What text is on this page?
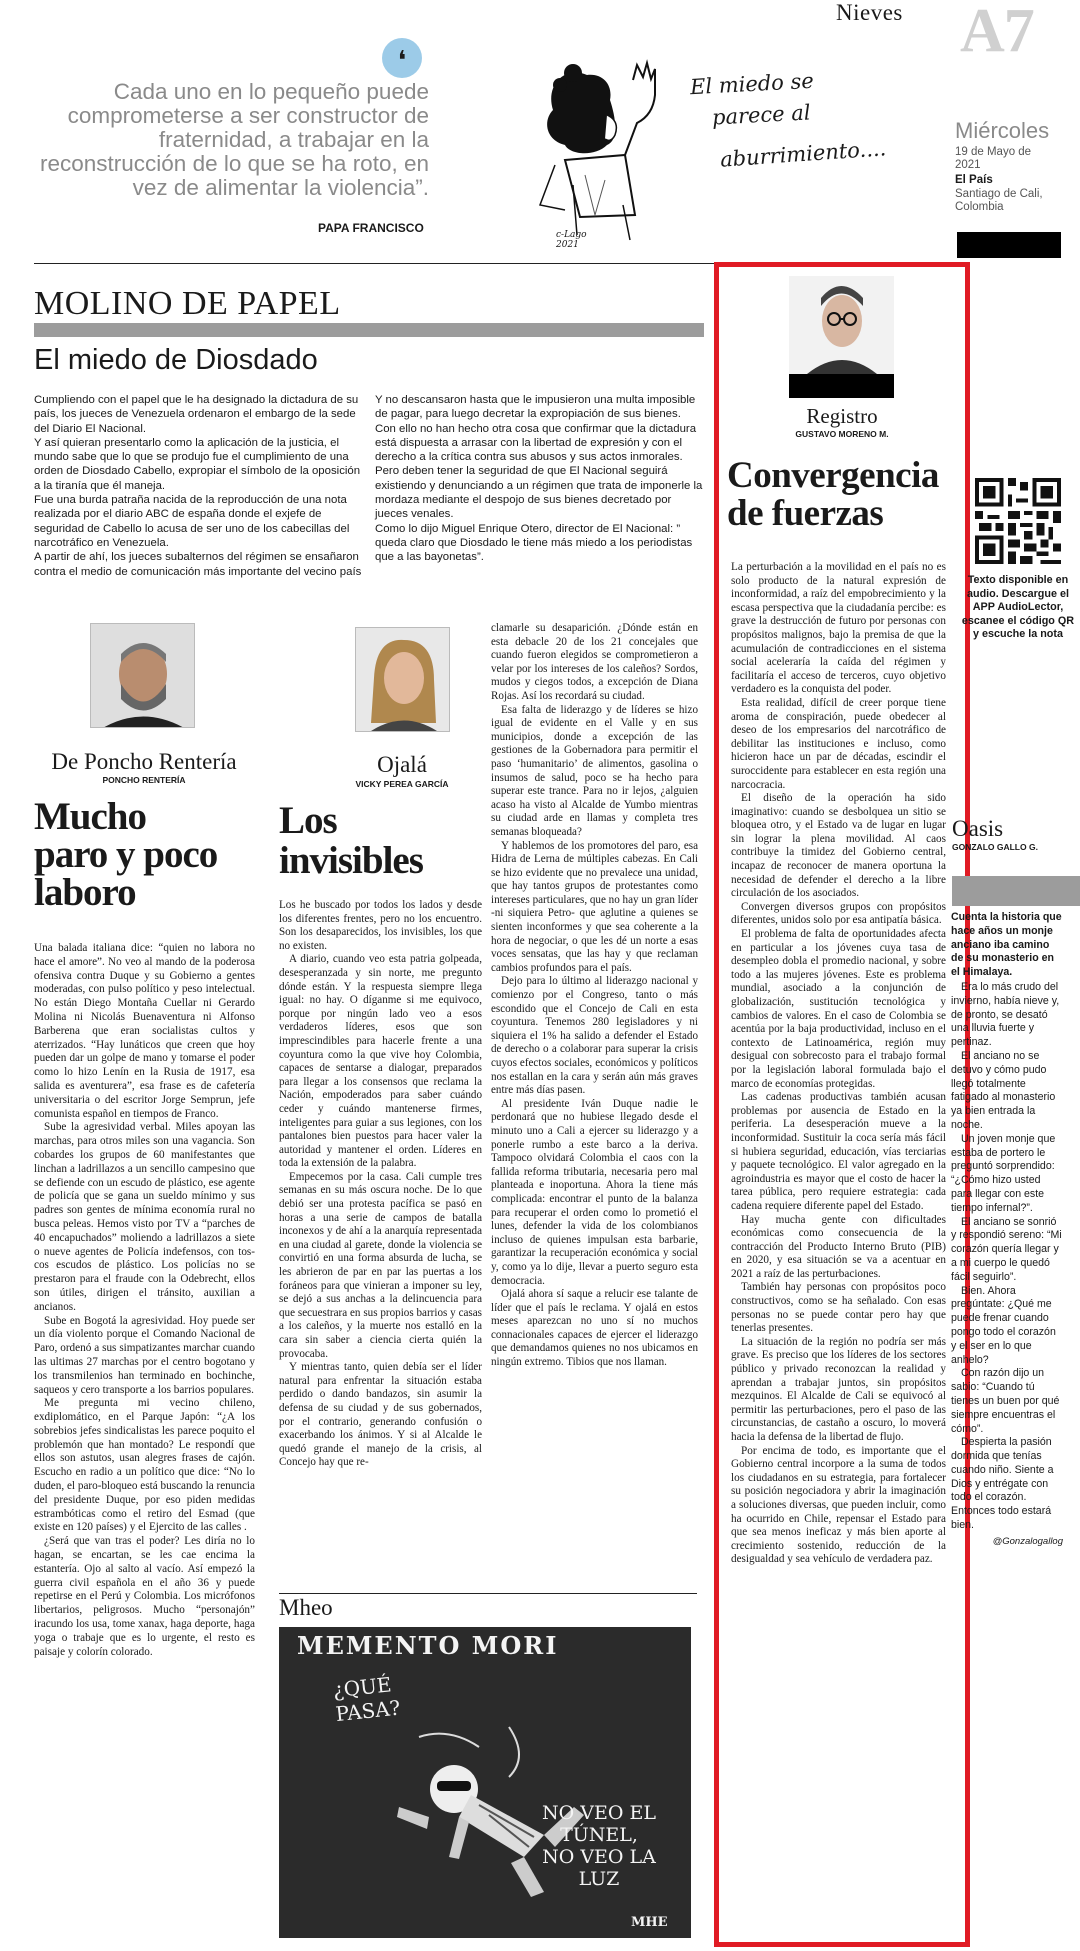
Nieves A7
Miércoles
19 de Mayo de 2021
El País
Santiago de Cali, Colombia
❛
Cada uno en lo pequeño puede comprometerse a ser constructor de fraternidad, a trabajar en la reconstrucción de lo que se ha roto, en vez de alimentar la violencia”.
PAPA FRANCISCO
El miedo se
parece al
aburrimiento....
c-Lago 2021
MOLINO DE PAPEL
El miedo de Diosdado

Cumpliendo con el papel que le ha designado la dictadura de su país, los jueces de Venezuela ordenaron el embargo de la sede del Diario El Nacional.

Y así quieran presentarlo como la aplicación de la justicia, el mundo sabe que lo que se produjo fue el cumplimiento de una orden de Diosdado Cabello, expropiar el símbolo de la oposición a la tiranía que él maneja.

Fue una burda patraña nacida de la reproducción de una nota realizada por el diario ABC de españa donde el exjefe de seguridad de Cabello lo acusa de ser uno de los cabecillas del narcotráfico en Venezuela.

A partir de ahí, los jueces subalternos del régimen se ensañaron contra el medio de comunicación más importante del vecino país

Y no descansaron hasta que le impusieron una multa imposible de pagar, para luego decretar la expropiación de sus bienes.

Con ello no han hecho otra cosa que confirmar que la dictadura está dispuesta a arrasar con la libertad de expresión y con el derecho a la crítica contra sus abusos y sus actos inmorales.

Pero deben tener la seguridad de que El Nacional seguirá existiendo y denunciando a un régimen que trata de imponerle la mordaza mediante el despojo de sus bienes decretado por jueces venales.

Como lo dijo Miguel Enrique Otero, director de El Nacional: ” queda claro que Diosdado le tiene más miedo a los periodistas que a las bayonetas”.

De Poncho Rentería
PONCHO RENTERÍA
Mucho
paro y poco
laboro

Una balada italiana dice: “quien no labora no hace el amore”. No veo al mando de la poderosa ofensiva contra Duque y su Gobierno a gentes moderadas, con pulso político y peso intelectual. No están Diego Montaña Cuellar ni Gerardo Molina ni Nicolás Buenaventura ni Alfonso Barberena que eran socialistas cultos y aterrizados. “Hay lunáticos que creen que hoy pueden dar un golpe de mano y tomarse el poder como lo hizo Lenín en la Rusia de 1917, esa salida es aventurera”, esa frase es de cafetería universitaria o del escritor Jorge Semprun, jefe comunista español en tiempos de Franco.

Sube la agresividad verbal. Miles apoyan las marchas, para otros miles son una vagancia. Son cobardes los grupos de 60 manifestantes que linchan a ladrillazos a un sencillo campesino que se defiende con un escudo de plástico, ese agente de policía que se gana un sueldo mínimo y sus padres son gentes de mínima economía rural no busca peleas. Hemos visto por TV a “parches de 40 encapuchados” moliendo a ladrillazos a siete o nueve agentes de Policía indefensos, con tos-cos escudos de plástico. Los policías no se prestaron para el fraude con la Odebrecht, ellos son útiles, dirigen el tránsito, auxilian a ancianos.

Sube en Bogotá la agresividad. Hoy puede ser un día violento porque el Comando Nacional de Paro, ordenó a sus simpatizantes marchar cuando las ultimas 27 marchas por el centro bogotano y los transmilenios han terminado en bochinche, saqueos y cero transporte a los barrios populares.

Me pregunta mi vecino chileno, exdiplomático, en el Parque Japón: “¿A los sobrebios jefes sindicalistas les parece poquito el problemón que han montado? Le respondí que ellos son astutos, usan alegres frases de cajón. Escucho en radio a un político que dice: “No lo duden, el paro-bloqueo está buscando la renuncia del presidente Duque, por eso piden medidas estrambóticas como el retiro del Esmad (que existe en 120 países) y el Ejercito de las calles .

¿Será que van tras el poder? Les diría no lo hagan, se encartan, se les cae encima la estantería. Ojo al salto al vacío. Así empezó la guerra civil española en el año 36 y puede repetirse en el Perú y Colombia. Los micrófonos libertarios, peligrosos. Mucho “personajón” iracundo los usa, tome xanax, haga deporte, haga yoga o trabaje que es lo urgente, el resto es paisaje y colorín colorado.

Ojalá
VICKY PEREA GARCÍA
Los
invisibles

Los he buscado por todos los lados y desde los diferentes frentes, pero no los encuentro. Son los desaparecidos, los invisibles, los que no existen.

A diario, cuando veo esta patria golpeada, desesperanzada y sin norte, me pregunto dónde están. Y la respuesta siempre llega igual: no hay. O díganme si me equivoco, porque por ningún lado veo a esos verdaderos líderes, esos que son imprescindibles para hacerle frente a una coyuntura como la que vive hoy Colombia, capaces de sentarse a dialogar, preparados para llegar a los consensos que reclama la Nación, empoderados para saber cuándo ceder y cuándo mantenerse firmes, inteligentes para guiar a sus legiones, con los pantalones bien puestos para hacer valer la autoridad y mantener el orden. Líderes en toda la extensión de la palabra.

Empecemos por la casa. Cali cumple tres semanas en su más oscura noche. De lo que debió ser una protesta pacífica se pasó en horas a una serie de campos de batalla inconexos y de ahí a la anarquía representada en una ciudad al garete, donde la violencia se convirtió en una forma absurda de lucha, se les abrieron de par en par las puertas a los foráneos para que vinieran a imponer su ley, se dejó a sus anchas a la delincuencia para que secuestrara en sus propios barrios y casas a los caleños, y la muerte nos estalló en la cara sin saber a ciencia cierta quién la provocaba.

Y mientras tanto, quien debía ser el líder natural para enfrentar la situación estaba perdido o dando bandazos, sin asumir la defensa de su ciudad y de sus gobernados, por el contrario, generando confusión o exacerbando los ánimos. Y si al Alcalde le quedó grande el manejo de la crisis, al Concejo hay que re-

clamarle su desaparición. ¿Dónde están en esta debacle 20 de los 21 concejales que cuando fueron elegidos se comprometieron a velar por los intereses de los caleños? Sordos, mudos y ciegos todos, a excepción de Diana Rojas. Así los recordará su ciudad.

Esa falta de liderazgo y de líderes se hizo igual de evidente en el Valle y en sus municipios, donde a excepción de las gestiones de la Gobernadora para permitir el paso ‘humanitario’ de alimentos, gasolina o insumos de salud, poco se ha hecho para superar este trance. Para no ir lejos, ¿alguien acaso ha visto al Alcalde de Yumbo mientras su ciudad arde en llamas y completa tres semanas bloqueada?

Y hablemos de los promotores del paro, esa Hidra de Lerna de múltiples cabezas. En Cali se hizo evidente que no prevalece una unidad, que hay tantos grupos de protestantes como intereses particulares, que no hay un gran líder -ni siquiera Petro- que aglutine a quienes se sienten inconformes y que sea coherente a la hora de negociar, o que les dé un norte a esas voces sensatas, que las hay y que reclaman cambios profundos para el país.

Dejo para lo último al liderazgo nacional y comienzo por el Congreso, tanto o más escondido que el Concejo de Cali en esta coyuntura. Tenemos 280 legisladores y ni siquiera el 1% ha salido a defender el Estado de derecho o a colaborar para superar la crisis cuyos efectos sociales, económicos y políticos nos estallan en la cara y serán aún más graves entre más días pasen.

Al presidente Iván Duque nadie le perdonará que no hubiese llegado desde el minuto uno a Cali a ejercer su liderazgo y a ponerle rumbo a este barco a la deriva. Tampoco olvidará Colombia el caos con la fallida reforma tributaria, necesaria pero mal planteada e inoportuna. Ahora la tiene más complicada: encontrar el punto de la balanza para recuperar el orden como lo prometió el lunes, defender la vida de los colombianos incluso de quienes impulsan esta barbarie, garantizar la recuperación económica y social y, como ya lo dije, llevar a puerto seguro esta democracia.

Ojalá ahora sí saque a relucir ese talante de líder que el país le reclama. Y ojalá en estos meses aparezcan no uno sí no muchos connacionales capaces de ejercer el liderazgo que demandamos quienes no nos ubicamos en ningún extremo. Tibios que nos llaman.

Mheo
MEMENTO MORI
¿QUÉ PASA?
NO VEO EL
TÚNEL,
NO VEO LA
LUZ
MHE
Registro
GUSTAVO MORENO M.
Convergencia
de fuerzas

La perturbación a la movilidad en el país no es solo producto de la natural expresión de inconformidad, a raíz del empobrecimiento y la escasa perspectiva que la ciudadanía percibe: es grave la destrucción de futuro por personas con propósitos malignos, bajo la premisa de que la acumulación de contradicciones en el sistema social aceleraría la caída del régimen y facilitaría el acceso de terceros, cuyo objetivo verdadero es la conquista del poder.

Esta realidad, difícil de creer porque tiene aroma de conspiración, puede obedecer al deseo de los empresarios del narcotráfico de debilitar las instituciones e incluso, como hicieron hace un par de décadas, escindir el suroccidente para establecer en esta región una narcocracia.

El diseño de la operación ha sido imaginativo: cuando se desbolquea un sitio se bloquea otro, y el Estado va de lugar en lugar sin lograr la plena movilidad. Al caos contribuye la timidez del Gobierno central, incapaz de reconocer de manera oportuna la necesidad de defender el derecho a la libre circulación de los asociados.

Convergen diversos grupos con propósitos diferentes, unidos solo por esa antipatía básica.

El problema de falta de oportunidades afecta en particular a los jóvenes cuya tasa de desempleo dobla el promedio nacional, y sobre todo a las mujeres jóvenes. Este es problema mundial, asociado a la conjunción de globalización, sustitución tecnológica y cambios de valores. En el caso de Colombia se acentúa por la baja productividad, incluso en el contexto de Latinoamérica, región muy desigual con sobrecosto para el trabajo formal por la legislación laboral formulada bajo el marco de economías protegidas.

Las cadenas productivas también acusan problemas por ausencia de Estado en la periferia. La desesperación mueve a la inconformidad. Sustituir la coca sería más fácil si hubiera seguridad, educación, vías terciarias y paquete tecnológico. El valor agregado en la agroindustria es mayor que el costo de hacer la tarea pública, pero requiere estrategia: cada cadena requiere diferente papel del Estado.

Hay mucha gente con dificultades económicas como consecuencia de la contracción del Producto Interno Bruto (PIB) en 2020, y esa situación se va a acentuar en 2021 a raíz de las perturbaciones.

También hay personas con propósitos poco constructivos, como se ha señalado. Con esas personas no se puede contar pero hay que tenerlas presentes.

La situación de la región no podría ser más grave. Es preciso que los líderes de los sectores público y privado reconozcan la realidad y aprendan a trabajar juntos, sin propósitos mezquinos. El Alcalde de Cali se equivocó al permitir las perturbaciones, pero el paso de las circunstancias, de castaño a oscuro, lo moverá hacia la defensa de la libertad de flujo.

Por encima de todo, es importante que el Gobierno central incorpore a la suma de todos los ciudadanos en su estrategia, para fortalecer su posición negociadora y abrir la imaginación a soluciones diversas, que pueden incluir, como ha ocurrido en Chile, repensar el Estado para que sea menos ineficaz y más bien aporte al crecimiento sostenido, reducción de la desigualdad y sea vehículo de verdadera paz.

Texto disponible en audio. Descargue el APP AudioLector, escanee el código QR y escuche la nota
Oasis
GONZALO GALLO G.
Cuenta la historia que hace años un monje anciano iba camino de su monasterio en el Himalaya.

Era lo más crudo del invierno, había nieve y, de pronto, se desató una lluvia fuerte y pertinaz.

El anciano no se detuvo y cómo pudo llegó totalmente fatigado al monasterio ya bien entrada la noche.

Un joven monje que estaba de portero le preguntó sorprendido: “¿Cómo hizo usted para llegar con este tiempo infernal?”.

El anciano se sonrió y respondió sereno: “Mi corazón quería llegar y a mi cuerpo le quedó fácil seguirlo”.

Bien. Ahora pregúntate: ¿Qué me puede frenar cuando pongo todo el corazón y el ser en lo que anhelo?

Con razón dijo un sabio: “Cuando tú tienes un buen por qué siempre encuentras el cómo”.

Despierta la pasión dormida que tenías cuando niño. Siente a Dios y entrégate con todo el corazón. Entonces todo estará bien.

@Gonzalogallog
